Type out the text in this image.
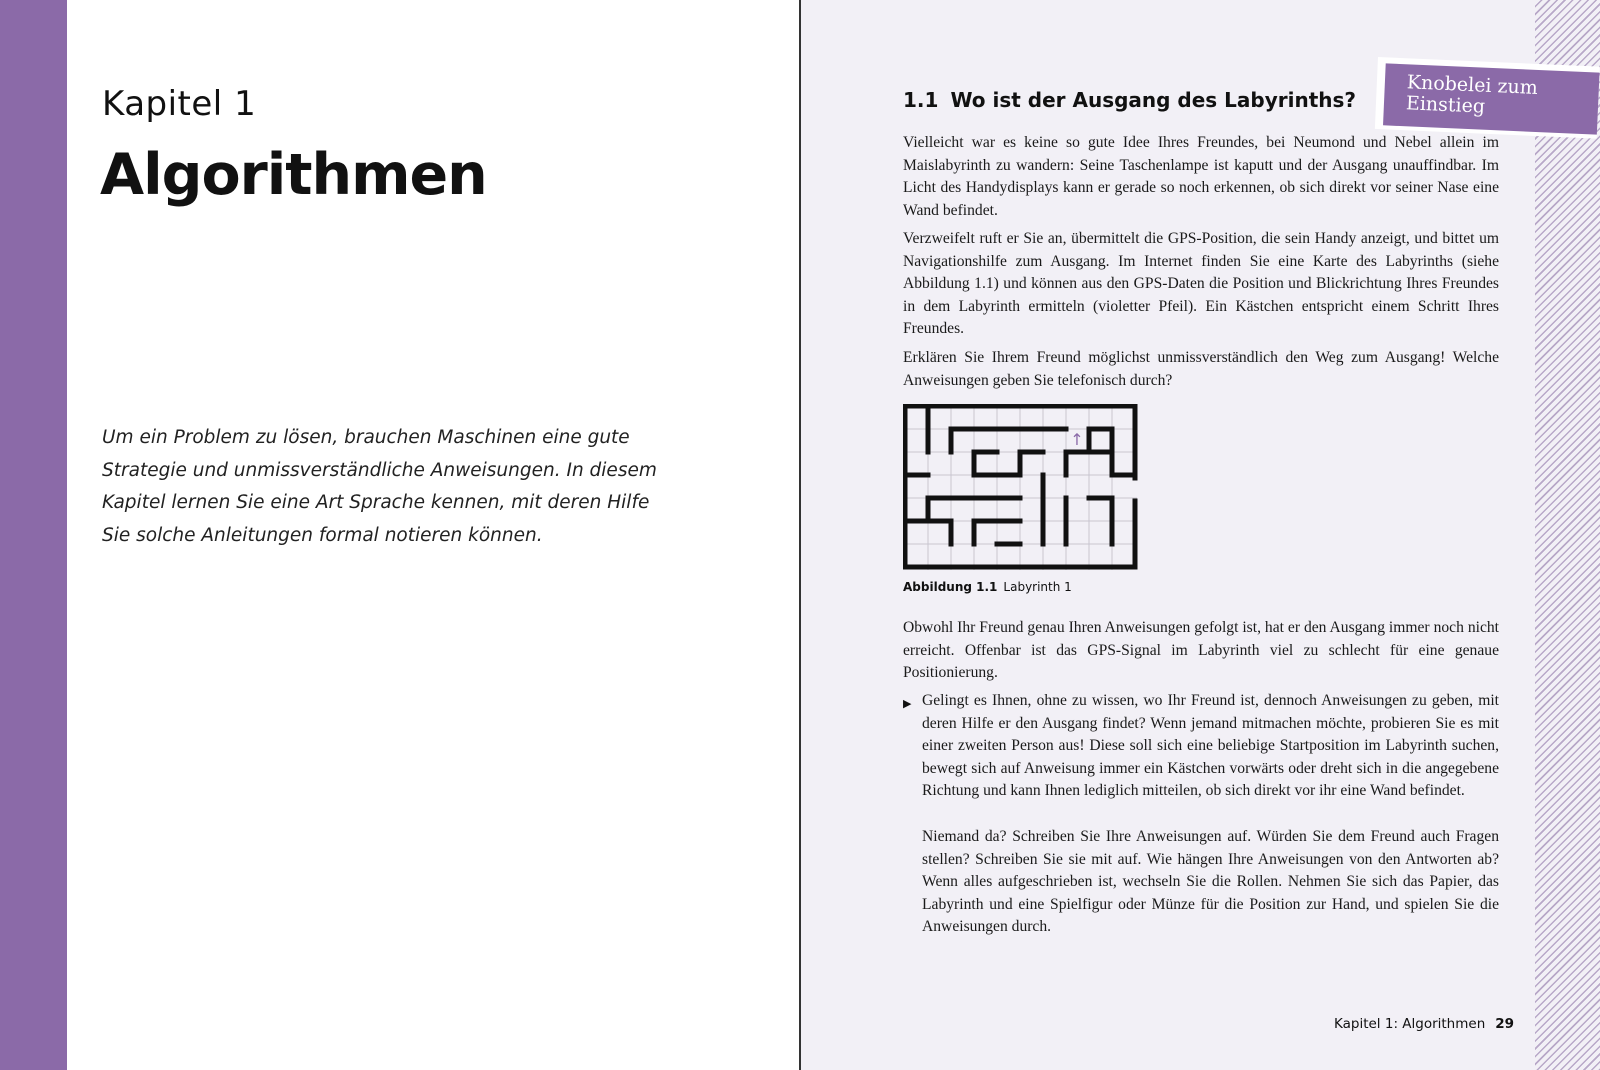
Kapitel 1
Algorithmen
Um ein Problem zu lösen, brauchen Maschinen eine gute Strategie und unmissverständliche Anweisungen. In diesem Kapitel lernen Sie eine Art Sprache kennen, mit deren Hilfe Sie solche Anleitungen formal notieren können.
Knobelei zum
Einstieg
1.1 Wo ist der Ausgang des Labyrinths?

Vielleicht war es keine so gute Idee Ihres Freundes, bei Neumond und Nebel allein im Maislabyrinth zu wandern: Seine Taschenlampe ist kaputt und der Ausgang unauffindbar. Im Licht des Handydisplays kann er gerade so noch erkennen, ob sich direkt vor seiner Nase eine Wand befindet.

Verzweifelt ruft er Sie an, übermittelt die GPS-Position, die sein Handy anzeigt, und bittet um Navigationshilfe zum Ausgang. Im Internet finden Sie eine Karte des Labyrinths (siehe Abbildung 1.1) und können aus den GPS-Daten die Position und Blickrichtung Ihres Freundes in dem Labyrinth ermitteln (violetter Pfeil). Ein Kästchen entspricht einem Schritt Ihres Freundes.

Erklären Sie Ihrem Freund möglichst unmissverständlich den Weg zum Ausgang! Welche Anweisungen geben Sie telefonisch durch?

↑
Abbildung 1.1 Labyrinth 1

Obwohl Ihr Freund genau Ihren Anweisungen gefolgt ist, hat er den Ausgang immer noch nicht erreicht. Offenbar ist das GPS-Signal im Labyrinth viel zu schlecht für eine genaue Positionierung.

▶ Gelingt es Ihnen, ohne zu wissen, wo Ihr Freund ist, dennoch Anweisungen zu geben, mit deren Hilfe er den Ausgang findet? Wenn jemand mitmachen möchte, probieren Sie es mit einer zweiten Person aus! Diese soll sich eine beliebige Startposition im Labyrinth suchen, bewegt sich auf Anweisung immer ein Kästchen vorwärts oder dreht sich in die angegebene Richtung und kann Ihnen lediglich mitteilen, ob sich direkt vor ihr eine Wand befindet.

Niemand da? Schreiben Sie Ihre Anweisungen auf. Würden Sie dem Freund auch Fragen stellen? Schreiben Sie sie mit auf. Wie hängen Ihre Anweisungen von den Antworten ab? Wenn alles aufgeschrieben ist, wechseln Sie die Rollen. Nehmen Sie sich das Papier, das Labyrinth und eine Spielfigur oder Münze für die Position zur Hand, und spielen Sie die Anweisungen durch.

Kapitel 1: Algorithmen 29
